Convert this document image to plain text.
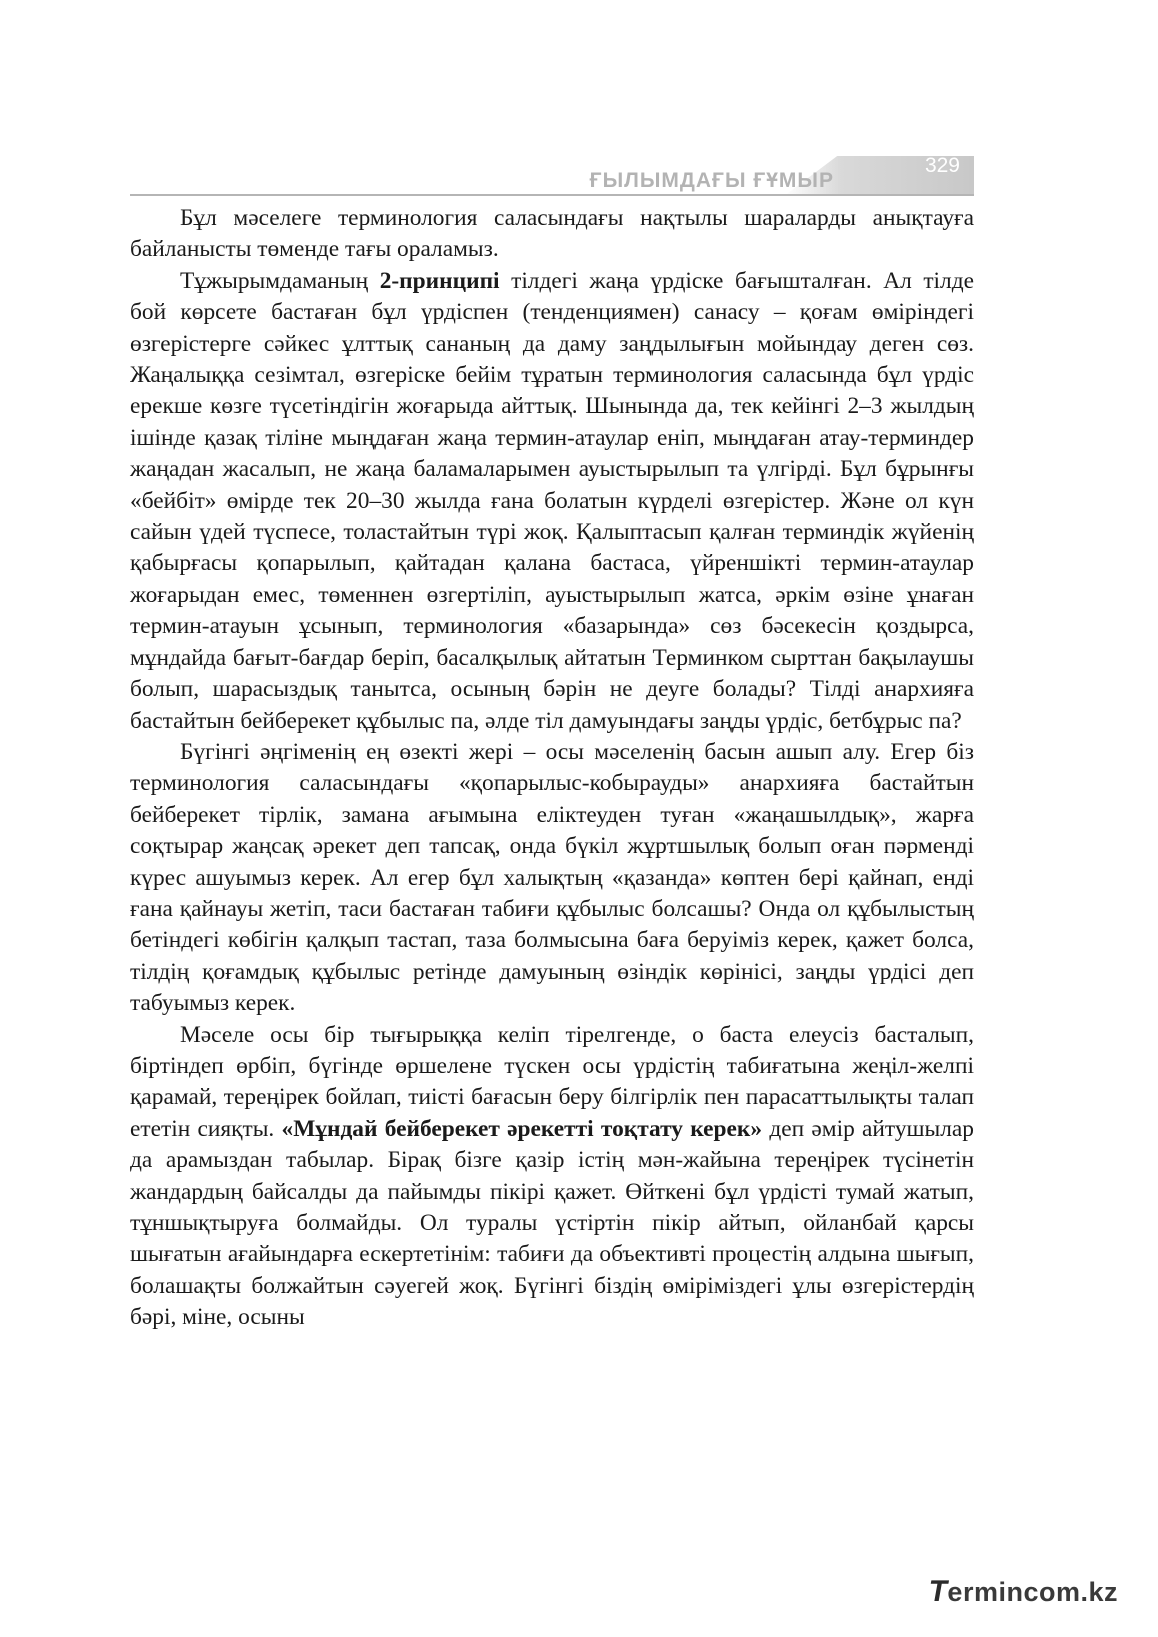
ҒЫЛЫМДАҒЫ ҒҰМЫР
329

Бұл мәселеге терминология саласындағы нақтылы шараларды анықтауға байланысты төменде тағы ораламыз.

Тұжырымдаманың 2-принципі тілдегі жаңа үрдіске бағышталған. Ал тілде бой көрсете бастаған бұл үрдіспен (тенденциямен) санасу – қоғам өміріндегі өзгерістерге сәйкес ұлттық сананың да даму заңдылығын мойындау деген сөз. Жаңалыққа сезімтал, өзгеріске бейім тұратын терминология саласында бұл үрдіс ерекше көзге түсетіндігін жоғарыда айттық. Шынында да, тек кейінгі 2–3 жылдың ішінде қазақ тіліне мыңдаған жаңа термин-атаулар еніп, мыңдаған атау-терминдер жаңадан жасалып, не жаңа баламаларымен ауыстырылып та үлгірді. Бұл бұрынғы «бейбіт» өмірде тек 20–30 жылда ғана болатын күрделі өзгерістер. Және ол күн сайын үдей түспесе, толастайтын түрі жоқ. Қалыптасып қалған терминдік жүйенің қабырғасы қопарылып, қайтадан қалана бастаса, үйреншікті термин-атаулар жоғарыдан емес, төменнен өзгертіліп, ауыстырылып жатса, әркім өзіне ұнаған термин-атауын ұсынып, терминология «базарында» сөз бәсекесін қоздырса, мұндайда бағыт-бағдар беріп, басалқылық айтатын Терминком сырттан бақылаушы болып, шарасыздық танытса, осының бәрін не деуге болады? Тілді анархияға бастайтын бейберекет құбылыс па, әлде тіл дамуындағы заңды үрдіс, бетбұрыс па?

Бүгінгі әңгіменің ең өзекті жері – осы мәселенің басын ашып алу. Егер біз терминология саласындағы «қопарылыс-кобырауды» анархияға бастайтын бейберекет тірлік, замана ағымына еліктеуден туған «жаңашылдық», жарға соқтырар жаңсақ әрекет деп тапсақ, онда бүкіл жұртшылық болып оған пәрменді күрес ашуымыз керек. Ал егер бұл халықтың «қазанда» көптен бері қайнап, енді ғана қайнауы жетіп, таси бастаған табиғи құбылыс болсашы? Онда ол құбылыстың бетіндегі көбігін қалқып тастап, таза болмысына баға беруіміз керек, қажет болса, тілдің қоғамдық құбылыс ретінде дамуының өзіндік көрінісі, заңды үрдісі деп табуымыз керек.

Мәселе осы бір тығырыққа келіп тірелгенде, о баста елеусіз басталып, біртіндеп өрбіп, бүгінде өршелене түскен осы үрдістің табиғатына жеңіл-желпі қарамай, тереңірек бойлап, тиісті бағасын беру білгірлік пен парасаттылықты талап ететін сияқты. «Мұндай бейберекет әрекетті тоқтату керек» деп әмір айтушылар да арамыздан табылар. Бірақ бізге қазір істің мән-жайына тереңірек түсінетін жандардың байсалды да пайымды пікірі қажет. Өйткені бұл үрдісті тумай жатып, тұншықтыруға болмайды. Ол туралы үстіртін пікір айтып, ойланбай қарсы шығатын ағайындарға ескертетінім: табиғи да объективті процестің алдына шығып, болашақты болжайтын сәуегей жоқ. Бүгінгі біздің өміріміздегі ұлы өзгерістердің бәрі, міне, осыны

Termincom.kz
